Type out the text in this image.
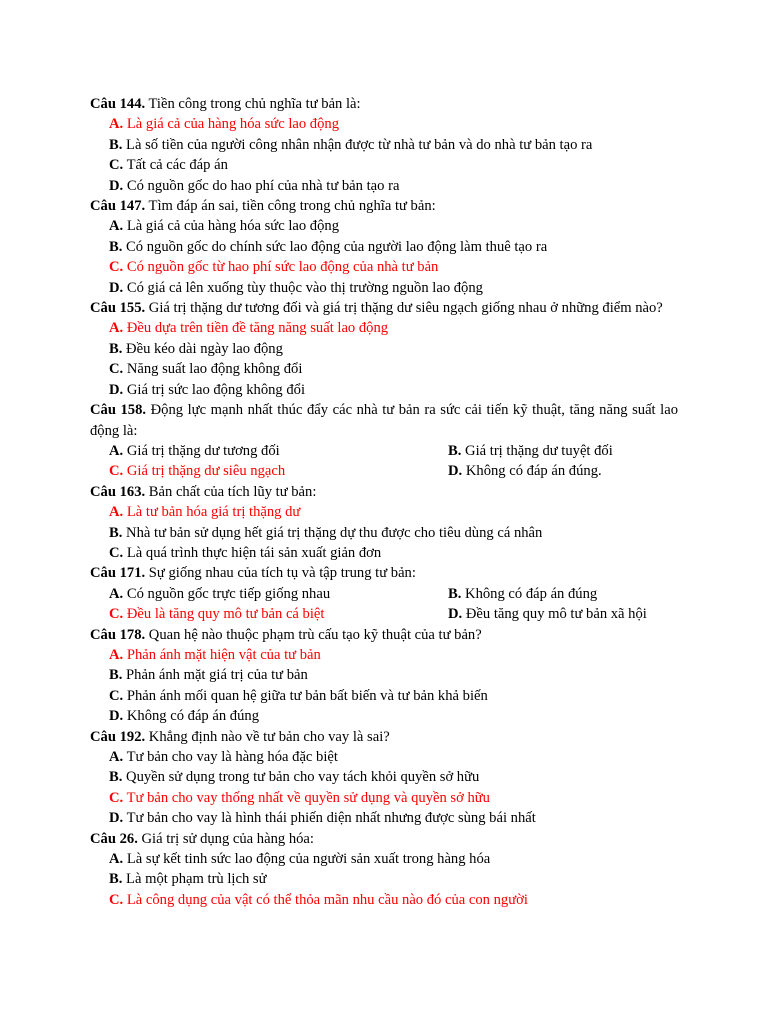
Câu 144. Tiền công trong chủ nghĩa tư bản là:
A. Là giá cả của hàng hóa sức lao động
B. Là số tiền của người công nhân nhận được từ nhà tư bản và do nhà tư bản tạo ra
C. Tất cả các đáp án
D. Có nguồn gốc do hao phí của nhà tư bản tạo ra
Câu 147. Tìm đáp án sai, tiền công trong chủ nghĩa tư bản:
A. Là giá cả của hàng hóa sức lao động
B. Có nguồn gốc do chính sức lao động của người lao động làm thuê tạo ra
C. Có nguồn gốc từ hao phí sức lao động của nhà tư bản
D. Có giá cả lên xuống tùy thuộc vào thị trường nguồn lao động
Câu 155. Giá trị thặng dư tương đối và giá trị thặng dư siêu ngạch giống nhau ở những điểm nào?
A. Đều dựa trên tiền đề tăng năng suất lao động
B. Đều kéo dài ngày lao động
C. Năng suất lao động không đổi
D. Giá trị sức lao động không đổi
Câu 158. Động lực mạnh nhất thúc đẩy các nhà tư bản ra sức cải tiến kỹ thuật, tăng năng suất lao động là:
A. Giá trị thặng dư tương đối	B. Giá trị thặng dư tuyệt đối
C. Giá trị thặng dư siêu ngạch	D. Không có đáp án đúng.
Câu 163. Bản chất của tích lũy tư bản:
A. Là tư bản hóa giá trị thặng dư
B. Nhà tư bản sử dụng hết giá trị thặng dự thu được cho tiêu dùng cá nhân
C. Là quá trình thực hiện tái sản xuất giản đơn
Câu 171. Sự giống nhau của tích tụ và tập trung tư bản:
A. Có nguồn gốc trực tiếp giống nhau	B. Không có đáp án đúng
C. Đều là tăng quy mô tư bản cá biệt	D. Đều tăng quy mô tư bản xã hội
Câu 178. Quan hệ nào thuộc phạm trù cấu tạo kỹ thuật của tư bản?
A. Phản ánh mặt hiện vật của tư bản
B. Phản ánh mặt giá trị của tư bản
C. Phản ánh mối quan hệ giữa tư bản bất biến và tư bản khả biến
D. Không có đáp án đúng
Câu 192. Khẳng định nào về tư bản cho vay là sai?
A. Tư bản cho vay là hàng hóa đặc biệt
B. Quyền sử dụng trong tư bản cho vay tách khỏi quyền sở hữu
C. Tư bản cho vay thống nhất về quyền sử dụng và quyền sở hữu
D. Tư bản cho vay là hình thái phiến diện nhất nhưng được sùng bái nhất
Câu 26. Giá trị sử dụng của hàng hóa:
A. Là sự kết tinh sức lao động của người sản xuất trong hàng hóa
B. Là một phạm trù lịch sử
C. Là công dụng của vật có thể thỏa mãn nhu cầu nào đó của con người
